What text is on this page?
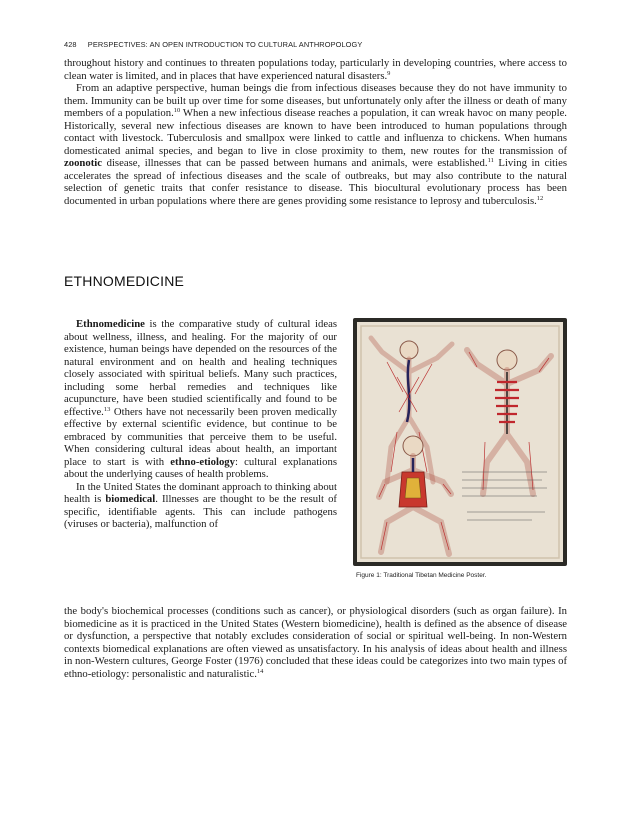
428 PERSPECTIVES: AN OPEN INTRODUCTION TO CULTURAL ANTHROPOLOGY

throughout history and continues to threaten populations today, particularly in developing countries, where access to clean water is limited, and in places that have experienced natural disasters.$^9$

From an adaptive perspective, human beings die from infectious diseases because they do not have immunity to them. Immunity can be built up over time for some diseases, but unfortunately only after the illness or death of many members of a population.$^{10}$ When a new infectious disease reaches a population, it can wreak havoc on many people. Historically, several new infectious diseases are known to have been introduced to human populations through contact with livestock. Tuberculosis and smallpox were linked to cattle and influenza to chickens. When humans domesticated animal species, and began to live in close proximity to them, new routes for the transmission of zoonotic disease, illnesses that can be passed between humans and animals, were established.$^{11}$ Living in cities accelerates the spread of infectious diseases and the scale of outbreaks, but may also contribute to the natural selection of genetic traits that confer resistance to disease. This biocultural evolutionary process has been documented in urban populations where there are genes providing some resistance to leprosy and tuberculosis.$^{12}$

ETHNOMEDICINE

Ethnomedicine is the comparative study of cultural ideas about wellness, illness, and healing. For the majority of our existence, human beings have depended on the resources of the natural environment and on health and healing techniques closely associated with spiritual beliefs. Many such practices, including some herbal remedies and techniques like acupuncture, have been studied scientifically and found to be effective.$^{13}$ Others have not necessarily been proven medically effective by external scientific evidence, but continue to be embraced by communities that perceive them to be useful. When considering cultural ideas about health, an important place to start is with ethno-etiology: cultural explanations about the underlying causes of health problems.

In the United States the dominant approach to thinking about health is biomedical. Illnesses are thought to be the result of specific, identifiable agents. This can include pathogens (viruses or bacteria), malfunction of

Figure 1: Traditional Tibetan Medicine Poster.

the body's biochemical processes (conditions such as cancer), or physiological disorders (such as organ failure). In biomedicine as it is practiced in the United States (Western biomedicine), health is defined as the absence of disease or dysfunction, a perspective that notably excludes consideration of social or spiritual well-being. In non-Western contexts biomedical explanations are often viewed as unsatisfactory. In his analysis of ideas about health and illness in non-Western cultures, George Foster (1976) concluded that these ideas could be categorizes into two main types of ethno-etiology: personalistic and naturalistic.$^{14}$
